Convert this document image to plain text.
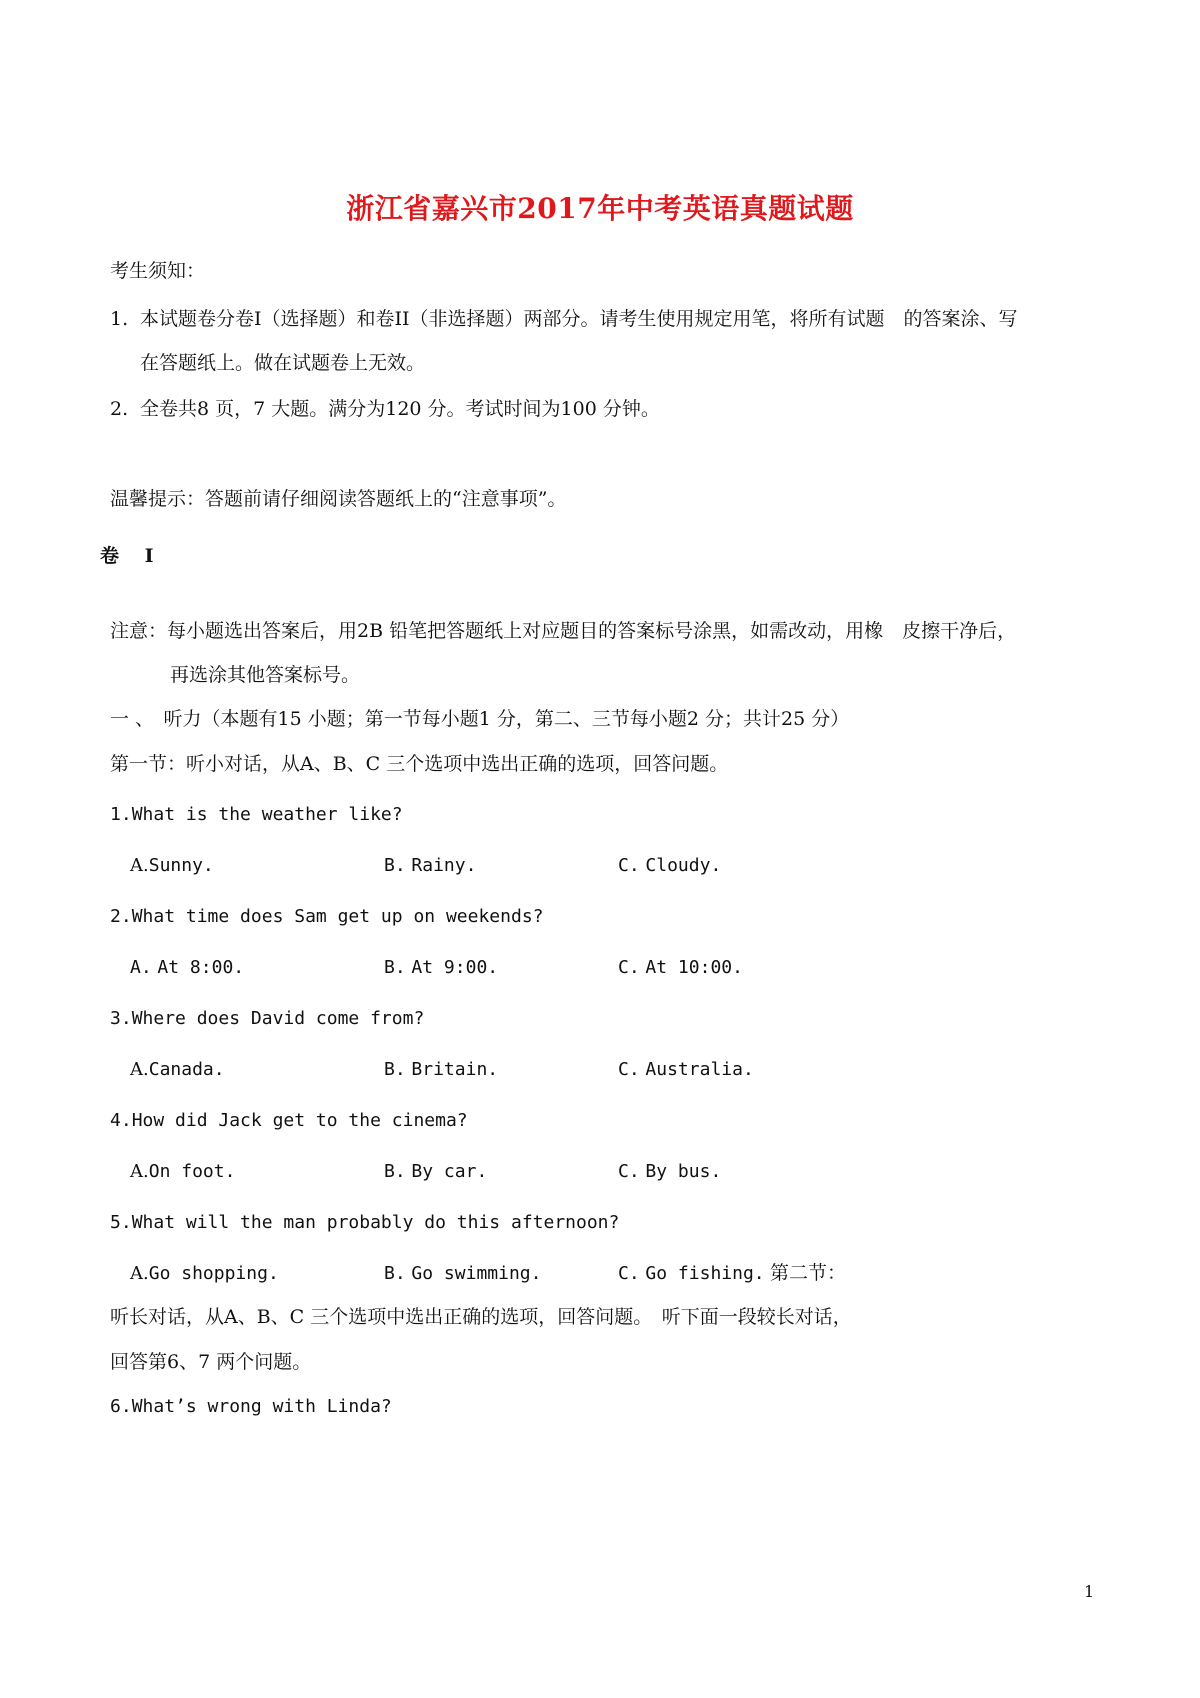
浙江省嘉兴市2017年中考英语真题试题
考生须知：
1. 本试题卷分卷I（选择题）和卷II（非选择题）两部分。请考生使用规定用笔，将所有试题　的答案涂、写
在答题纸上。做在试题卷上无效。
2. 全卷共8 页，7 大题。满分为120 分。考试时间为100 分钟。
温馨提示：答题前请仔细阅读答题纸上的“注意事项”。
卷　 I
注意：每小题选出答案后，用2B 铅笔把答题纸上对应题目的答案标号涂黑，如需改动，用橡　皮擦干净后，
再选涂其他答案标号。
一 、　听力（本题有15 小题；第一节每小题1 分，第二、三节每小题2 分；共计25 分）
第一节：听小对话，从A、B、C 三个选项中选出正确的选项，回答问题。
1.What is the weather like?
A.Sunny.	B. Rainy.	C. Cloudy.
2.What time does Sam get up on weekends?
A. At 8:00.	B. At 9:00.	C. At 10:00.
3.Where does David come from?
A.Canada.	B. Britain.	C. Australia.
4.How did Jack get to the cinema?
A.On foot.	B. By car.	C. By bus.
5.What will the man probably do this afternoon?
A.Go shopping.	B. Go swimming.	C. Go fishing. 第二节：
听长对话，从A、B、C 三个选项中选出正确的选项，回答问题。　听下面一段较长对话，
回答第6、7 两个问题。
6.What’s wrong with Linda?
1
